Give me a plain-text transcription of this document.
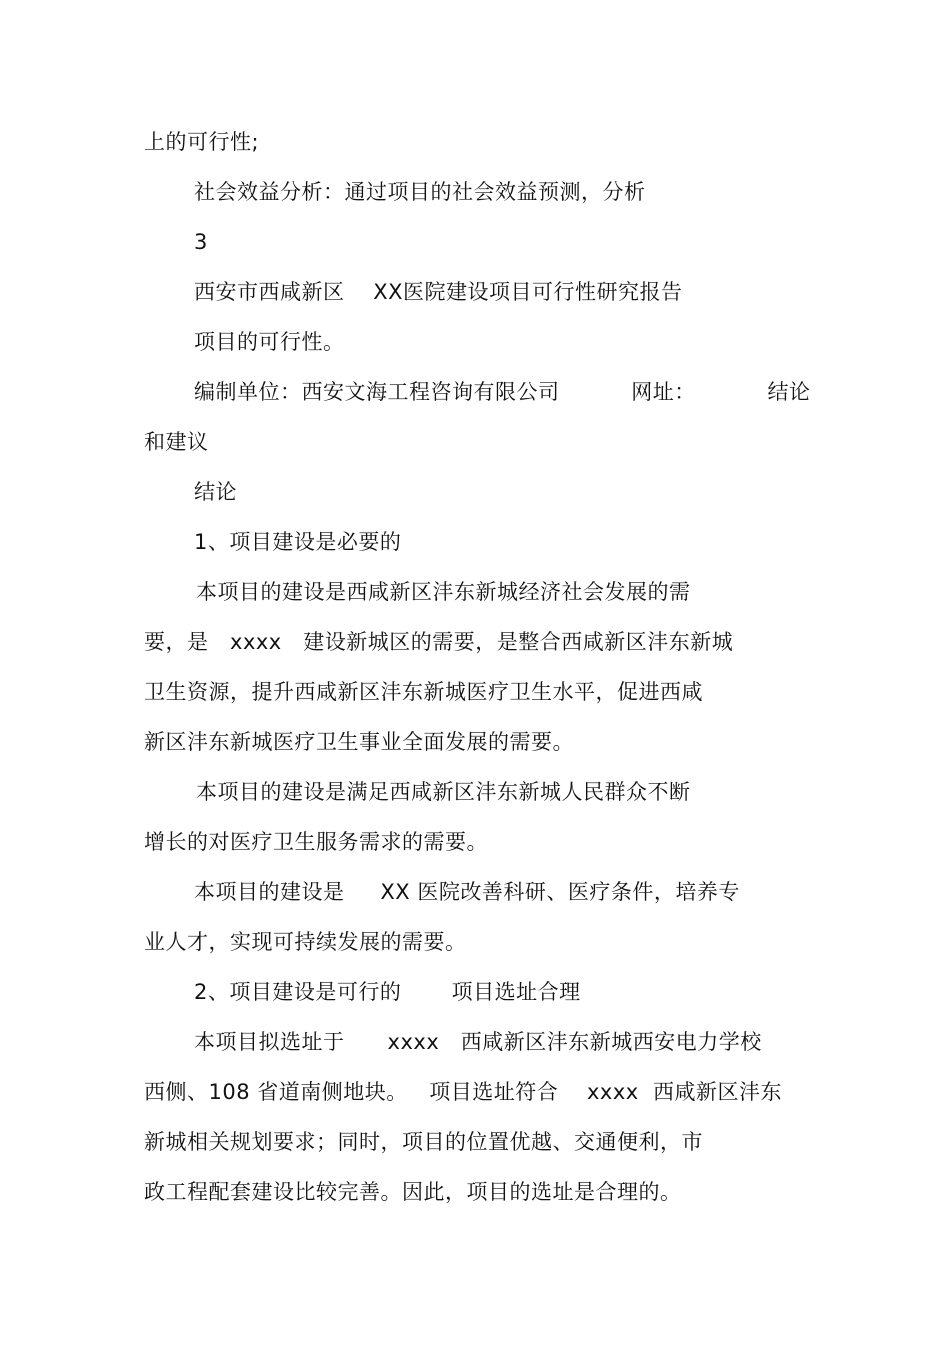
上的可行性;
社会效益分析：通过项目的社会效益预测，分析
3
西安市西咸新区    XX医院建设项目可行性研究报告
项目的可行性。
编制单位：西安文海工程咨询有限公司          网址：          结论
和建议
结论
1、项目建设是必要的
本项目的建设是西咸新区沣东新城经济社会发展的需
要，是   xxxx   建设新城区的需要，是整合西咸新区沣东新城
卫生资源，提升西咸新区沣东新城医疗卫生水平，促进西咸
新区沣东新城医疗卫生事业全面发展的需要。
本项目的建设是满足西咸新区沣东新城人民群众不断
增长的对医疗卫生服务需求的需要。
本项目的建设是     XX 医院改善科研、医疗条件，培养专
业人才，实现可持续发展的需要。
2、项目建设是可行的       项目选址合理
本项目拟选址于      xxxx   西咸新区沣东新城西安电力学校
西侧、108 省道南侧地块。   项目选址符合    xxxx  西咸新区沣东
新城相关规划要求；同时，项目的位置优越、交通便利，市
政工程配套建设比较完善。因此，项目的选址是合理的。
